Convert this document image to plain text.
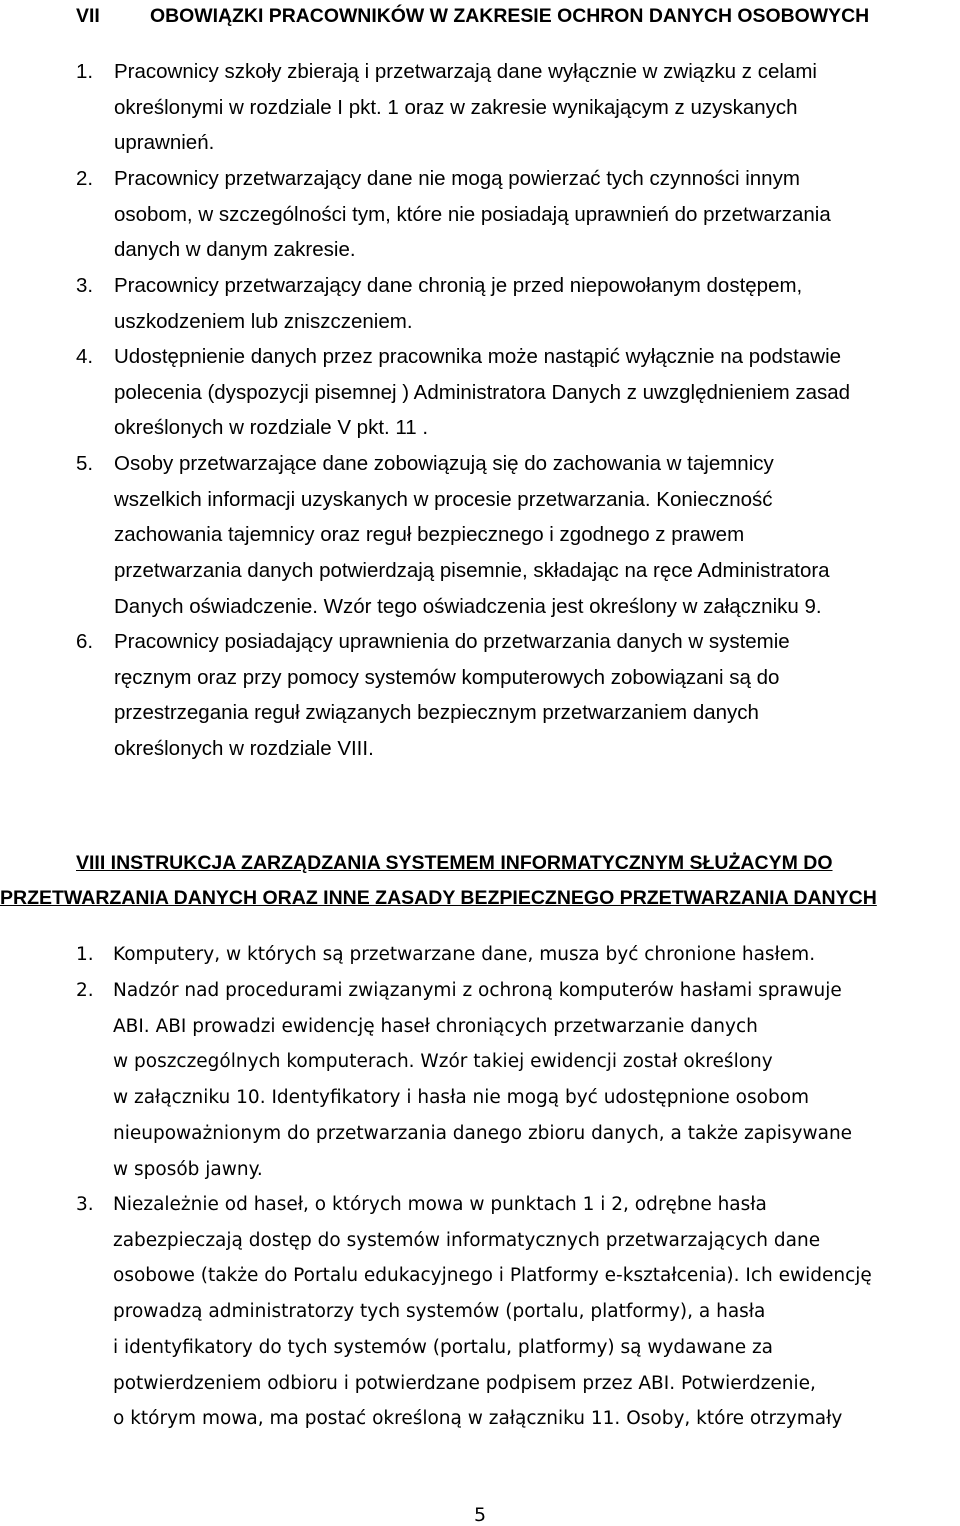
VII	OBOWIĄZKI PRACOWNIKÓW W ZAKRESIE OCHRON DANYCH OSOBOWYCH
1. Pracownicy szkoły zbierają i przetwarzają dane wyłącznie w związku z celami
określonymi w rozdziale I pkt. 1 oraz w zakresie wynikającym z uzyskanych
uprawnień.
2. Pracownicy przetwarzający dane nie mogą powierzać tych czynności innym
osobom, w szczególności tym, które nie posiadają uprawnień do przetwarzania
danych w danym zakresie.
3. Pracownicy przetwarzający dane chronią je przed niepowołanym dostępem,
uszkodzeniem lub zniszczeniem.
4. Udostępnienie danych przez pracownika może nastąpić wyłącznie na podstawie
polecenia (dyspozycji pisemnej ) Administratora Danych z uwzględnieniem zasad
określonych w rozdziale V pkt. 11 .
5. Osoby przetwarzające dane zobowiązują się do zachowania w tajemnicy
wszelkich informacji uzyskanych w procesie przetwarzania. Konieczność
zachowania tajemnicy oraz reguł bezpiecznego i zgodnego z prawem
przetwarzania danych potwierdzają pisemnie, składając na ręce Administratora
Danych oświadczenie. Wzór tego oświadczenia jest określony w załączniku 9.
6. Pracownicy posiadający uprawnienia do przetwarzania danych w systemie
ręcznym oraz przy pomocy systemów komputerowych zobowiązani są do
przestrzegania reguł związanych bezpiecznym przetwarzaniem danych
określonych w rozdziale VIII.
VIII INSTRUKCJA ZARZĄDZANIA SYSTEMEM INFORMATYCZNYM SŁUŻACYM DO
PRZETWARZANIA DANYCH ORAZ INNE ZASADY BEZPIECZNEGO PRZETWARZANIA DANYCH
1. Komputery, w których są przetwarzane dane, musza być chronione hasłem.
2. Nadzór nad procedurami związanymi z ochroną komputerów hasłami sprawuje
ABI. ABI prowadzi ewidencję haseł chroniących przetwarzanie danych
w poszczególnych komputerach. Wzór takiej ewidencji został określony
w załączniku 10. Identyfikatory i hasła nie mogą być udostępnione osobom
nieupoważnionym do przetwarzania danego zbioru danych, a także zapisywane
w sposób jawny.
3. Niezależnie od haseł, o których mowa w punktach 1 i 2, odrębne hasła
zabezpieczają dostęp do systemów informatycznych przetwarzających dane
osobowe (także do Portalu edukacyjnego i Platformy e-kształcenia). Ich ewidencję
prowadzą administratorzy tych systemów (portalu, platformy), a hasła
i identyfikatory do tych systemów (portalu, platformy) są wydawane za
potwierdzeniem odbioru i potwierdzane podpisem przez ABI. Potwierdzenie,
o którym mowa, ma postać określoną w załączniku 11. Osoby, które otrzymały
5
